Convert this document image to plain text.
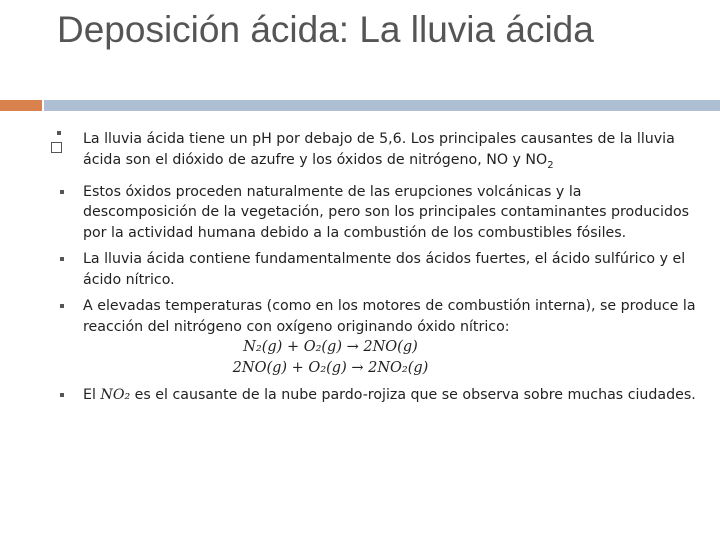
Deposición ácida: La lluvia ácida
La lluvia ácida tiene un pH por debajo de 5,6. Los principales causantes de la lluvia ácida son el dióxido de azufre y los óxidos de nitrógeno, NO y $NO_2$
Estos óxidos proceden naturalmente de las erupciones volcánicas y la descomposición de la vegetación, pero son los principales contaminantes producidos por la actividad humana debido a la combustión de los combustibles fósiles.
La lluvia ácida contiene fundamentalmente dos ácidos fuertes, el ácido sulfúrico y el ácido nítrico.
A elevadas temperaturas (como en los motores de combustión interna), se produce la reacción del nitrógeno con oxígeno originando óxido nítrico:
N₂(g) + O₂(g) → 2NO(g)
2NO(g) + O₂(g) → 2NO₂(g)
El NO₂ es el causante de la nube pardo-rojiza que se observa sobre muchas ciudades.
